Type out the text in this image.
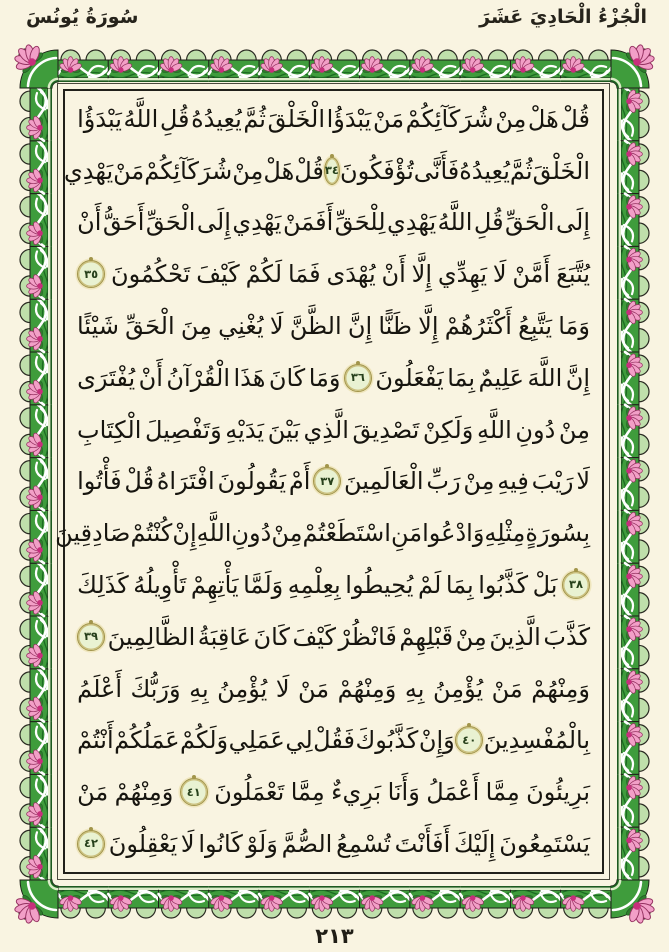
الْجُزْءُ الْحَادِيَ عَشَرَ
سُورَةُ يُونُسَ
قُلْ
هَلْ
مِنْ
شُرَكَآئِكُمْ
مَنْ
يَبْدَؤُا
الْخَلْقَ
ثُمَّ
يُعِيدُهُ
قُلِ
اللَّهُ
يَبْدَؤُا
الْخَلْقَ
ثُمَّ
يُعِيدُهُ
فَأَنَّى
تُؤْفَكُونَ
٣٤
قُلْ
هَلْ
مِنْ
شُرَكَآئِكُمْ
مَنْ
يَهْدِي
إِلَى
الْحَقِّ
قُلِ
اللَّهُ
يَهْدِي
لِلْحَقِّ
أَفَمَنْ
يَهْدِي
إِلَى
الْحَقِّ
أَحَقُّ
أَنْ
يُتَّبَعَ
أَمَّنْ
لَا
يَهِدِّي
إِلَّا
أَنْ
يُهْدَى
فَمَا
لَكُمْ
كَيْفَ
تَحْكُمُونَ
٣٥
وَمَا
يَتَّبِعُ
أَكْثَرُهُمْ
إِلَّا
ظَنًّا
إِنَّ
الظَّنَّ
لَا
يُغْنِي
مِنَ
الْحَقِّ
شَيْئًا
إِنَّ
اللَّهَ
عَلِيمٌ
بِمَا
يَفْعَلُونَ
٣٦
وَمَا
كَانَ
هَذَا
الْقُرْآنُ
أَنْ
يُفْتَرَى
مِنْ
دُونِ
اللَّهِ
وَلَكِنْ
تَصْدِيقَ
الَّذِي
بَيْنَ
يَدَيْهِ
وَتَفْصِيلَ
الْكِتَابِ
لَا
رَيْبَ
فِيهِ
مِنْ
رَبِّ
الْعَالَمِينَ
٣٧
أَمْ
يَقُولُونَ
افْتَرَاهُ
قُلْ
فَأْتُوا
بِسُورَةٍ
مِثْلِهِ
وَادْعُوا
مَنِ
اسْتَطَعْتُمْ
مِنْ
دُونِ
اللَّهِ
إِنْ
كُنْتُمْ
صَادِقِينَ
٣٨
بَلْ
كَذَّبُوا
بِمَا
لَمْ
يُحِيطُوا
بِعِلْمِهِ
وَلَمَّا
يَأْتِهِمْ
تَأْوِيلُهُ
كَذَلِكَ
كَذَّبَ
الَّذِينَ
مِنْ
قَبْلِهِمْ
فَانْظُرْ
كَيْفَ
كَانَ
عَاقِبَةُ
الظَّالِمِينَ
٣٩
وَمِنْهُمْ
مَنْ
يُؤْمِنُ
بِهِ
وَمِنْهُمْ
مَنْ
لَا
يُؤْمِنُ
بِهِ
وَرَبُّكَ
أَعْلَمُ
بِالْمُفْسِدِينَ
٤٠
وَإِنْ
كَذَّبُوكَ
فَقُلْ
لِي
عَمَلِي
وَلَكُمْ
عَمَلُكُمْ
أَنْتُمْ
بَرِيئُونَ
مِمَّا
أَعْمَلُ
وَأَنَا
بَرِيءٌ
مِمَّا
تَعْمَلُونَ
٤١
وَمِنْهُمْ
مَنْ
يَسْتَمِعُونَ
إِلَيْكَ
أَفَأَنْتَ
تُسْمِعُ
الصُّمَّ
وَلَوْ
كَانُوا
لَا
يَعْقِلُونَ
٤٢
٢١٣
